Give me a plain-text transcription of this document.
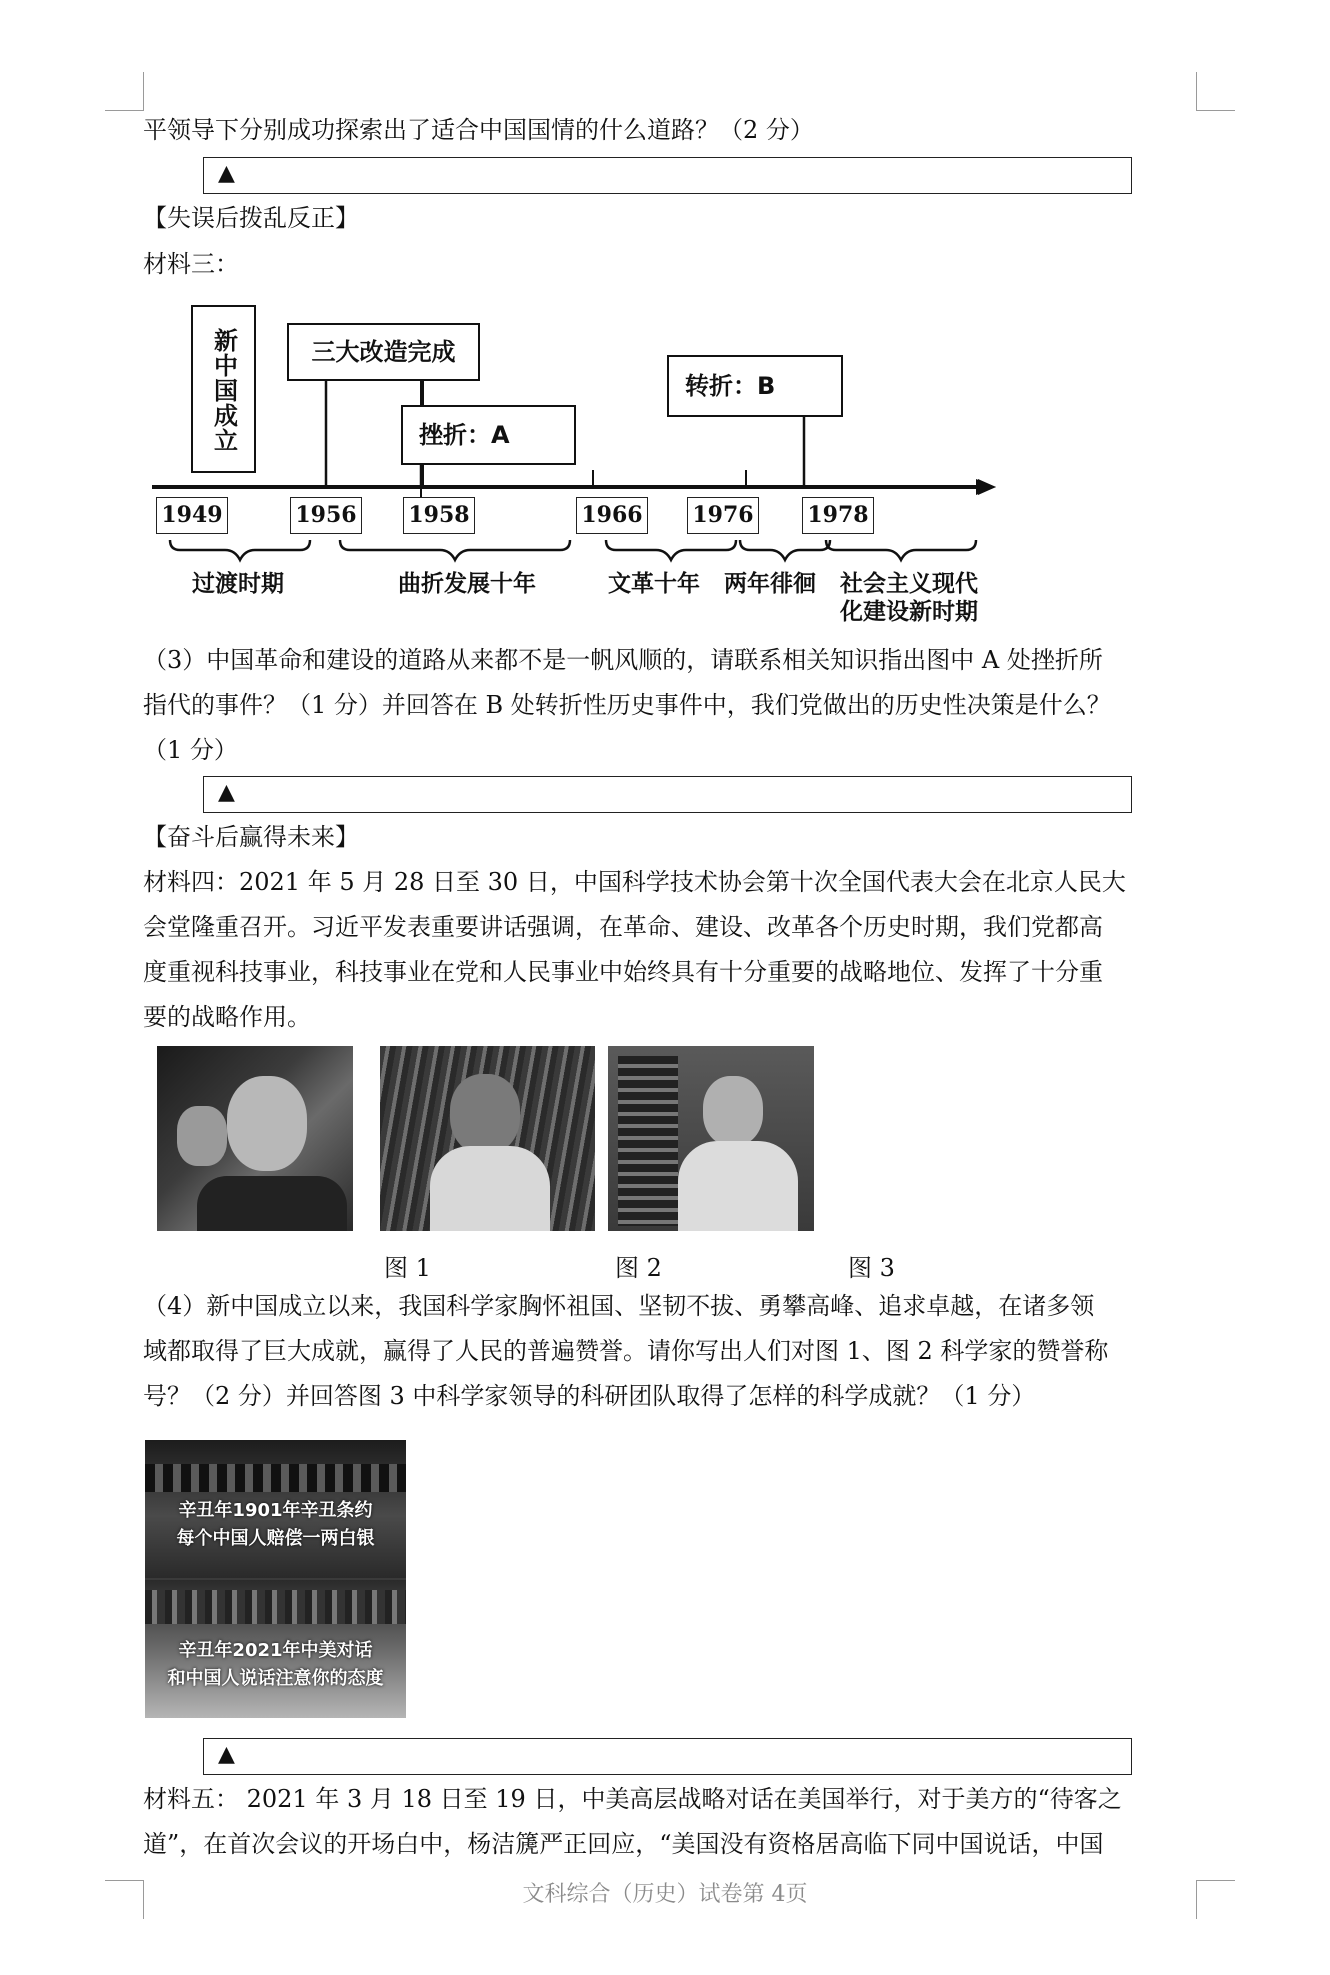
平领导下分别成功探索出了适合中国国情的什么道路？（2 分）
▲
【失误后拨乱反正】
材料三：
新中国成立	三大改造完成
挫折：A
转折：B
1949	1956 1958	1966 1976 1978
过渡时期	曲折发展十年	文革十年 两年徘徊 社会主义现代
化建设新时期
（3）中国革命和建设的道路从来都不是一帆风顺的，请联系相关知识指出图中 A 处挫折所
指代的事件？（1 分）并回答在 B 处转折性历史事件中，我们党做出的历史性决策是什么？
（1 分）
▲
【奋斗后赢得未来】
材料四：2021 年 5 月 28 日至 30 日，中国科学技术协会第十次全国代表大会在北京人民大
会堂隆重召开。习近平发表重要讲话强调，在革命、建设、改革各个历史时期，我们党都高
度重视科技事业，科技事业在党和人民事业中始终具有十分重要的战略地位、发挥了十分重
要的战略作用。
图 1	图 2	图 3
（4）新中国成立以来，我国科学家胸怀祖国、坚韧不拔、勇攀高峰、追求卓越，在诸多领
域都取得了巨大成就，赢得了人民的普遍赞誉。请你写出人们对图 1、图 2 科学家的赞誉称
号？（2 分）并回答图 3 中科学家领导的科研团队取得了怎样的科学成就？（1 分）
辛丑年1901年辛丑条约
每个中国人赔偿一两白银
辛丑年2021年中美对话
和中国人说话注意你的态度
▲
材料五： 2021 年 3 月 18 日至 19 日，中美高层战略对话在美国举行，对于美方的“待客之
道”，在首次会议的开场白中，杨洁篪严正回应，“美国没有资格居高临下同中国说话，中国
文科综合（历史）试卷第 4页
